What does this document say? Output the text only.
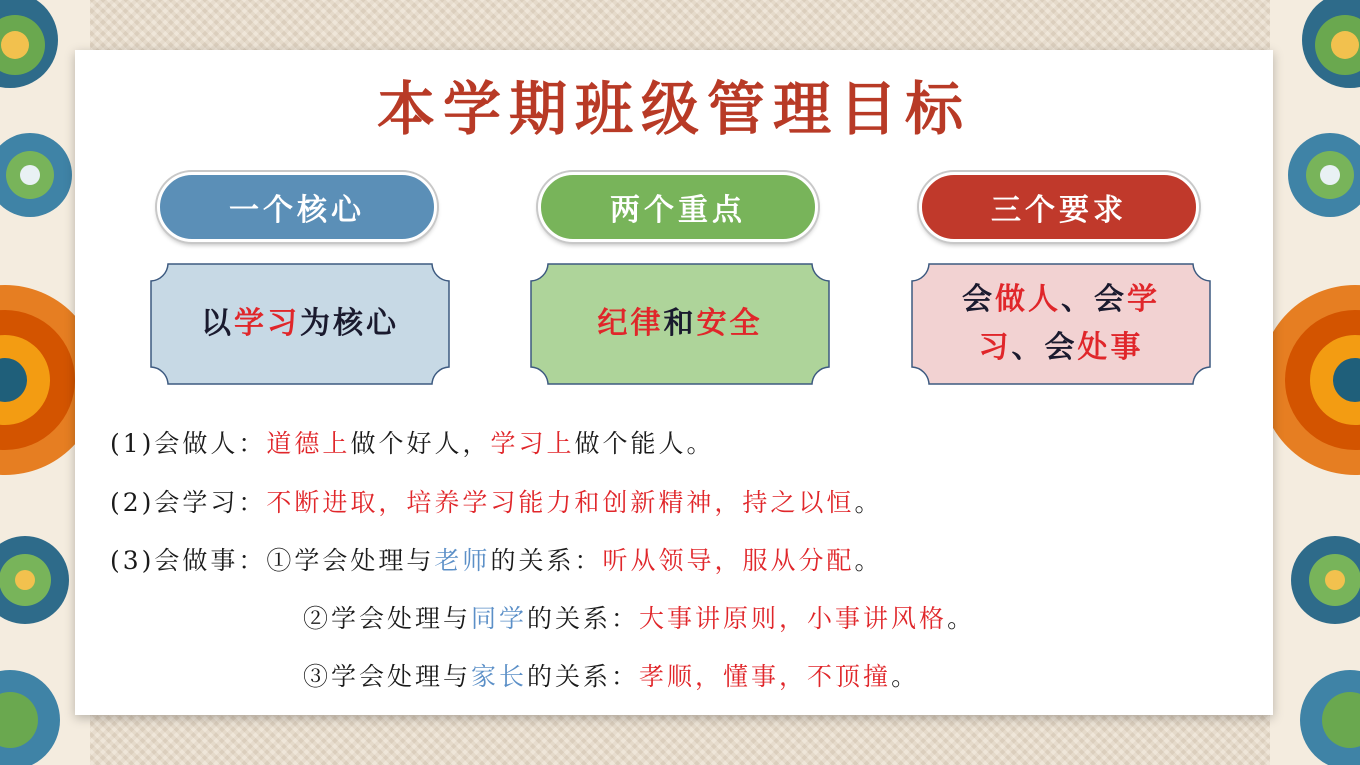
本学期班级管理目标
一个核心	两个重点	三个要求
以学习为核心	纪律和安全
会做人、会学习、会处事
(1)会做人：道德上做个好人，学习上做个能人。
(2)会学习：不断进取，培养学习能力和创新精神，持之以恒。
(3)会做事：①学会处理与老师的关系：听从领导，服从分配。
②学会处理与同学的关系：大事讲原则，小事讲风格。
③学会处理与家长的关系：孝顺，懂事，不顶撞。
